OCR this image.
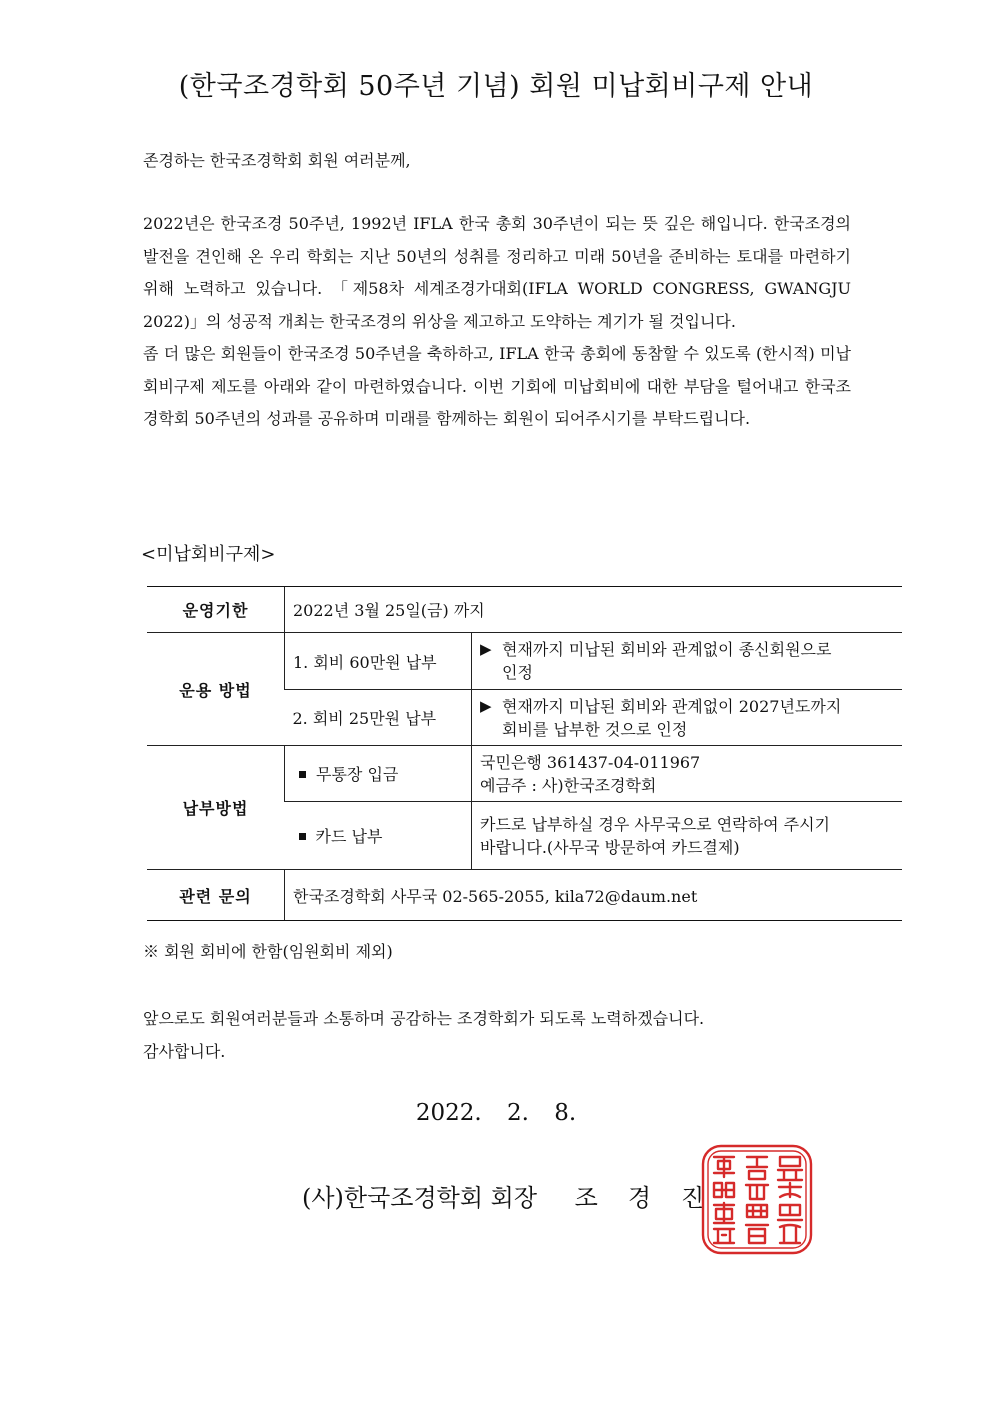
(한국조경학회 50주년 기념) 회원 미납회비구제 안내
존경하는 한국조경학회 회원 여러분께,

2022년은 한국조경 50주년, 1992년 IFLA 한국 총회 30주년이 되는 뜻 깊은 해입니다. 한국조경의 발전을 견인해 온 우리 학회는 지난 50년의 성취를 정리하고 미래 50년을 준비하는 토대를 마련하기 위해 노력하고 있습니다. 「제58차 세계조경가대회(IFLA WORLD CONGRESS, GWANGJU 2022)」의 성공적 개최는 한국조경의 위상을 제고하고 도약하는 계기가 될 것입니다.

좀 더 많은 회원들이 한국조경 50주년을 축하하고, IFLA 한국 총회에 동참할 수 있도록 (한시적) 미납회비구제 제도를 아래와 같이 마련하였습니다. 이번 기회에 미납회비에 대한 부담을 털어내고 한국조경학회 50주년의 성과를 공유하며 미래를 함께하는 회원이 되어주시기를 부탁드립니다.

<미납회비구제>
운영기한	2022년 3월 25일(금) 까지	
운용 방법	1. 회비 60만원 납부	▶ 현재까지 미납된 회비와 관계없이 종신회원으로
인정

	2. 회비 25만원 납부	▶ 현재까지 미납된 회비와 관계없이 2027년도까지
회비를 납부한 것으로 인정

납부방법	무통장 입금	국민은행 361437-04-011967
예금주 : 사)한국조경학회
	카드 납부	카드로 납부하실 경우 사무국으로 연락하여 주시기
바랍니다.(사무국 방문하여 카드결제)
관련 문의	한국조경학회 사무국 02-565-2055, kila72@daum.net	
※ 회원 회비에 한함(임원회비 제외)
앞으로도 회원여러분들과 소통하며 공감하는 조경학회가 되도록 노력하겠습니다.
감사합니다.
2022. 2. 8.
(사)한국조경학회 회장 조 경 진
